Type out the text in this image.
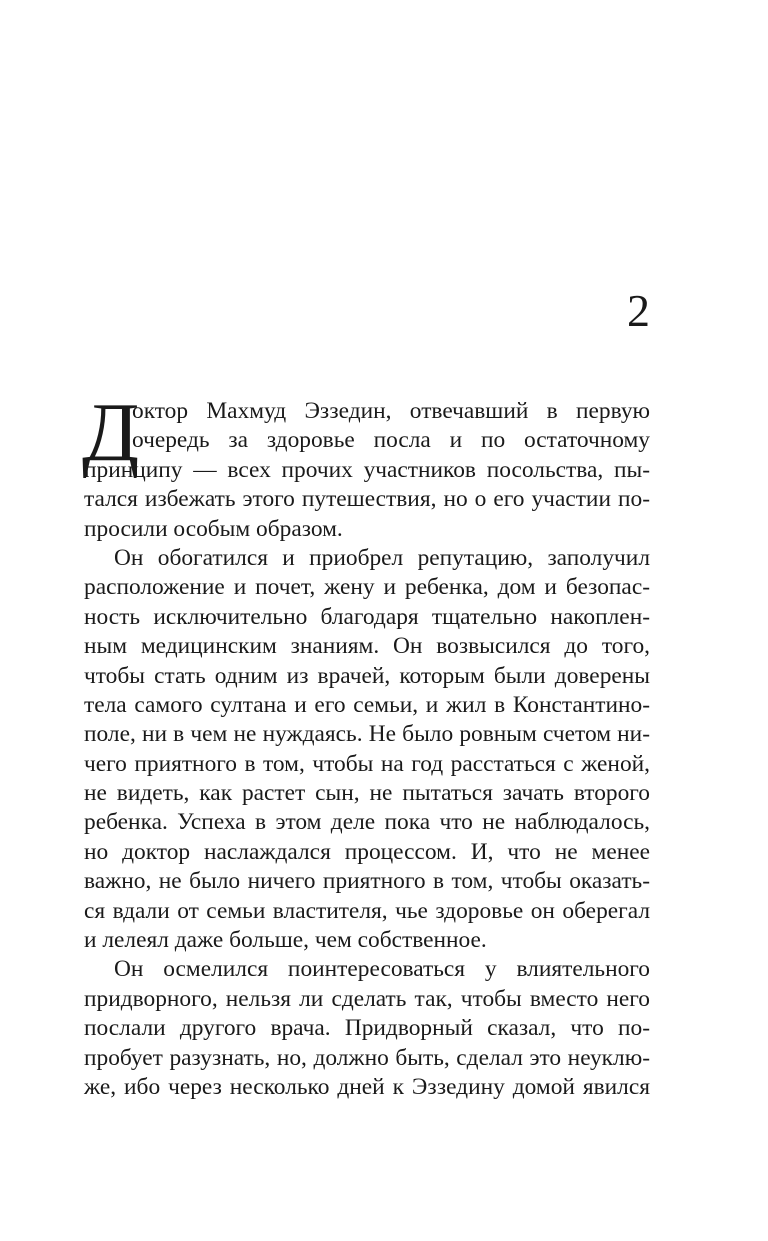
2
Д
октор Махмуд Эззедин, отвечавший в первую
очередь за здоровье посла и по остаточному
принципу — всех прочих участников посольства, пы-
тался избежать этого путешествия, но о его участии по-
просили особым образом.
Он обогатился и приобрел репутацию, заполучил
расположение и почет, жену и ребенка, дом и безопас-
ность исключительно благодаря тщательно накоплен-
ным медицинским знаниям. Он возвысился до того,
чтобы стать одним из врачей, которым были доверены
тела самого султана и его семьи, и жил в Константино-
поле, ни в чем не нуждаясь. Не было ровным счетом ни-
чего приятного в том, чтобы на год расстаться с женой,
не видеть, как растет сын, не пытаться зачать второго
ребенка. Успеха в этом деле пока что не наблюдалось,
но доктор наслаждался процессом. И, что не менее
важно, не было ничего приятного в том, чтобы оказать-
ся вдали от семьи властителя, чье здоровье он оберегал
и лелеял даже больше, чем собственное.
Он осмелился поинтересоваться у влиятельного
придворного, нельзя ли сделать так, чтобы вместо него
послали другого врача. Придворный сказал, что по-
пробует разузнать, но, должно быть, сделал это неуклю-
же, ибо через несколько дней к Эззедину домой явился
